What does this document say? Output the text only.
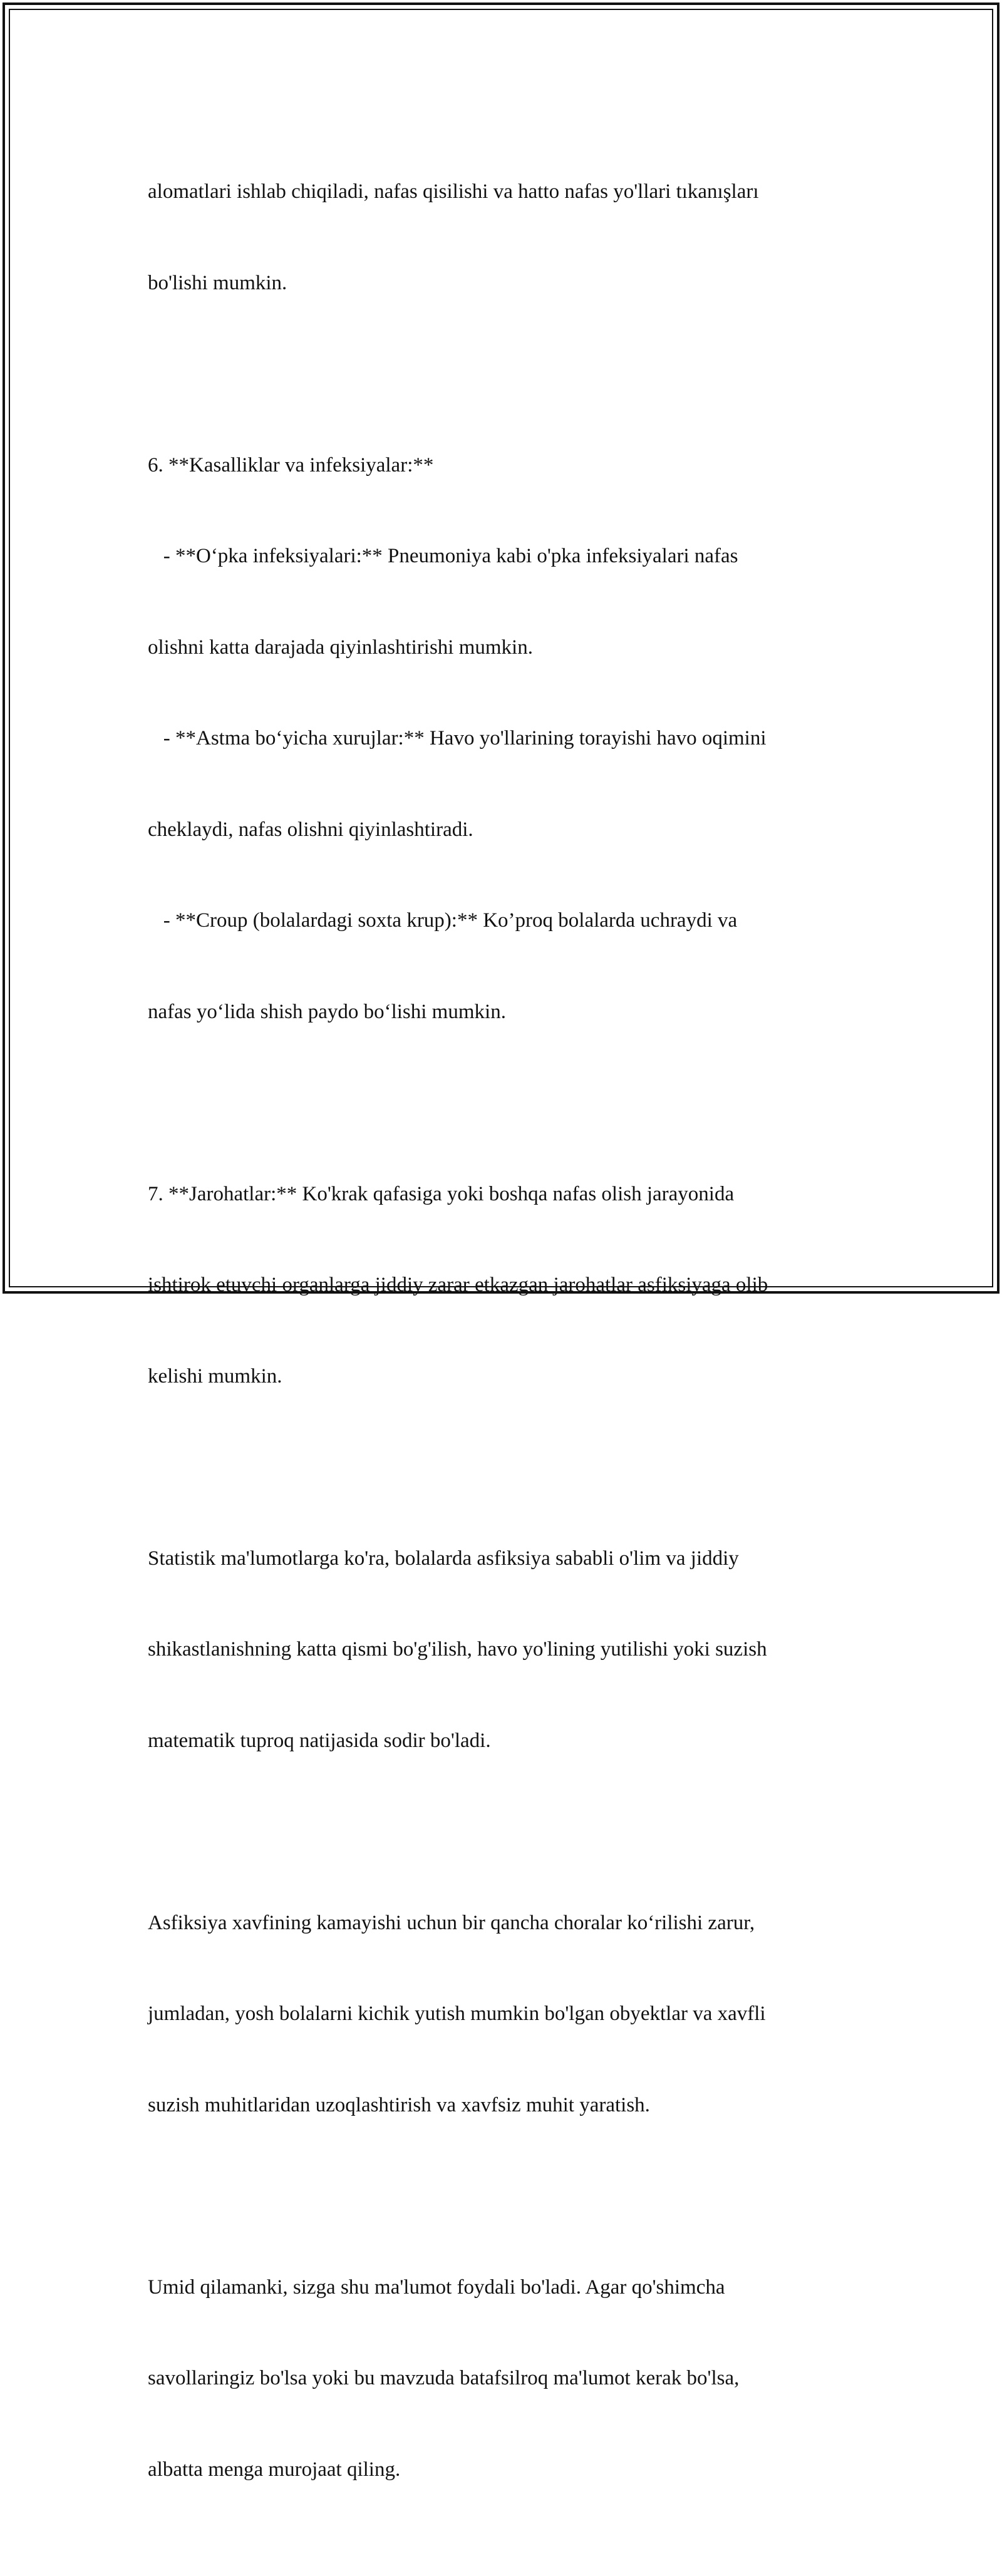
alomatlari ishlab chiqiladi, nafas qisilishi va hatto nafas yo'llari tıkanışları

bo'lishi mumkin.

6. **Kasalliklar va infeksiyalar:**

- **O‘pka infeksiyalari:** Pneumoniya kabi o'pka infeksiyalari nafas

olishni katta darajada qiyinlashtirishi mumkin.

- **Astma bo‘yicha xurujlar:** Havo yo'llarining torayishi havo oqimini

cheklaydi, nafas olishni qiyinlashtiradi.

- **Croup (bolalardagi soxta krup):** Ko’proq bolalarda uchraydi va

nafas yo‘lida shish paydo bo‘lishi mumkin.

7. **Jarohatlar:** Ko'krak qafasiga yoki boshqa nafas olish jarayonida

ishtirok etuvchi organlarga jiddiy zarar etkazgan jarohatlar asfiksiyaga olib

kelishi mumkin.

Statistik ma'lumotlarga ko'ra, bolalarda asfiksiya sababli o'lim va jiddiy

shikastlanishning katta qismi bo'g'ilish, havo yo'lining yutilishi yoki suzish

matematik tuproq natijasida sodir bo'ladi.

Asfiksiya xavfining kamayishi uchun bir qancha choralar ko‘rilishi zarur,

jumladan, yosh bolalarni kichik yutish mumkin bo'lgan obyektlar va xavfli

suzish muhitlaridan uzoqlashtirish va xavfsiz muhit yaratish.

Umid qilamanki, sizga shu ma'lumot foydali bo'ladi. Agar qo'shimcha

savollaringiz bo'lsa yoki bu mavzuda batafsilroq ma'lumot kerak bo'lsa,

albatta menga murojaat qiling.
